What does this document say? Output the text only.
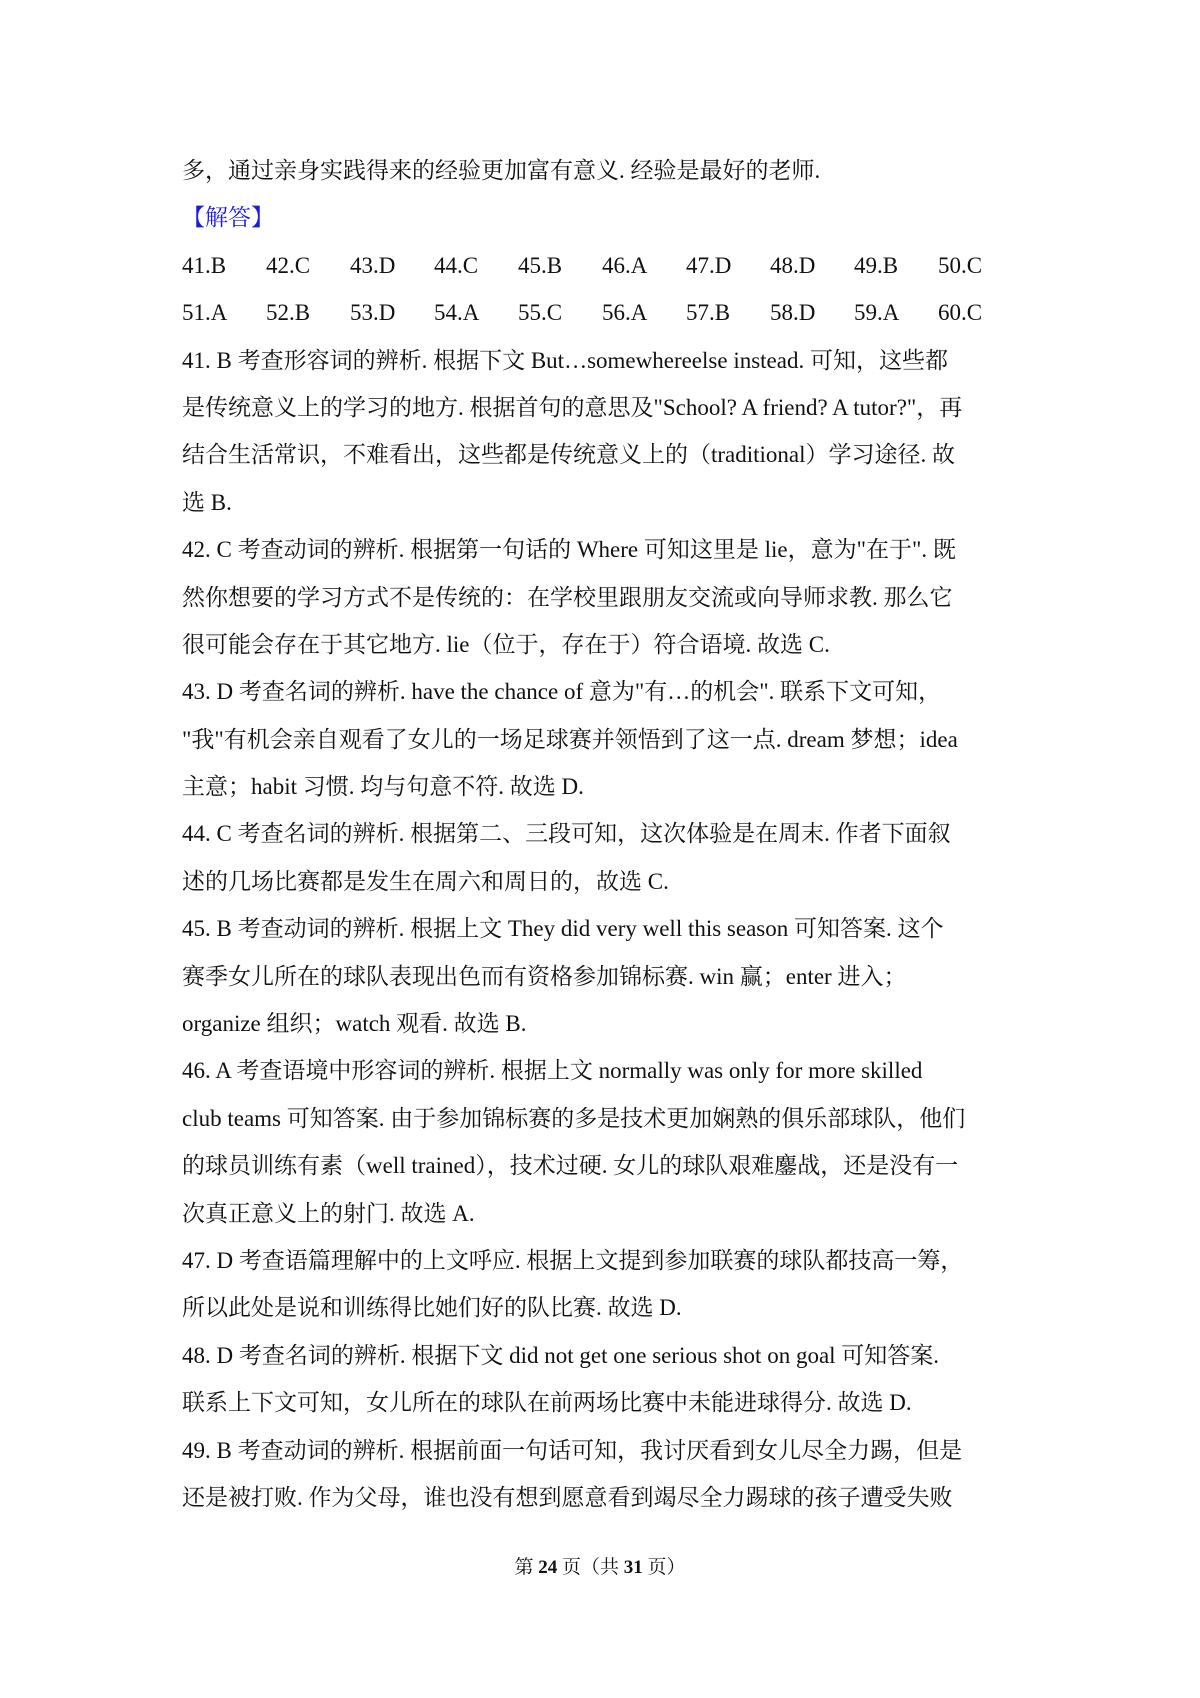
多，通过亲身实践得来的经验更加富有意义. 经验是最好的老师.
【解答】
41.B	42.C	43.D	44.C	45.B	46.A	47.D	48.D	49.B	50.C
51.A	52.B	53.D	54.A	55.C	56.A	57.B	58.D	59.A	60.C
41. B 考查形容词的辨析. 根据下文 But…somewhereelse instead. 可知，这些都
是传统意义上的学习的地方. 根据首句的意思及"School? A friend? A tutor?"，再
结合生活常识，不难看出，这些都是传统意义上的（traditional）学习途径. 故
选 B.
42. C 考查动词的辨析. 根据第一句话的 Where 可知这里是 lie，意为"在于". 既
然你想要的学习方式不是传统的：在学校里跟朋友交流或向导师求教. 那么它
很可能会存在于其它地方. lie（位于，存在于）符合语境. 故选 C.
43. D 考查名词的辨析. have the chance of 意为"有…的机会". 联系下文可知，
"我"有机会亲自观看了女儿的一场足球赛并领悟到了这一点. dream 梦想；idea
主意；habit 习惯. 均与句意不符. 故选 D.
44. C 考查名词的辨析. 根据第二、三段可知，这次体验是在周末. 作者下面叙
述的几场比赛都是发生在周六和周日的，故选 C.
45. B 考查动词的辨析. 根据上文 They did very well this season 可知答案. 这个
赛季女儿所在的球队表现出色而有资格参加锦标赛. win 赢；enter 进入；
organize 组织；watch 观看. 故选 B.
46. A 考查语境中形容词的辨析. 根据上文 normally was only for more skilled
club teams 可知答案. 由于参加锦标赛的多是技术更加娴熟的俱乐部球队，他们
的球员训练有素（well trained），技术过硬. 女儿的球队艰难鏖战，还是没有一
次真正意义上的射门. 故选 A.
47. D 考查语篇理解中的上文呼应. 根据上文提到参加联赛的球队都技高一筹，
所以此处是说和训练得比她们好的队比赛. 故选 D.
48. D 考查名词的辨析. 根据下文 did not get one serious shot on goal 可知答案.
联系上下文可知，女儿所在的球队在前两场比赛中未能进球得分. 故选 D.
49. B 考查动词的辨析. 根据前面一句话可知，我讨厌看到女儿尽全力踢，但是
还是被打败. 作为父母，谁也没有想到愿意看到竭尽全力踢球的孩子遭受失败
第 24 页（共 31 页）
